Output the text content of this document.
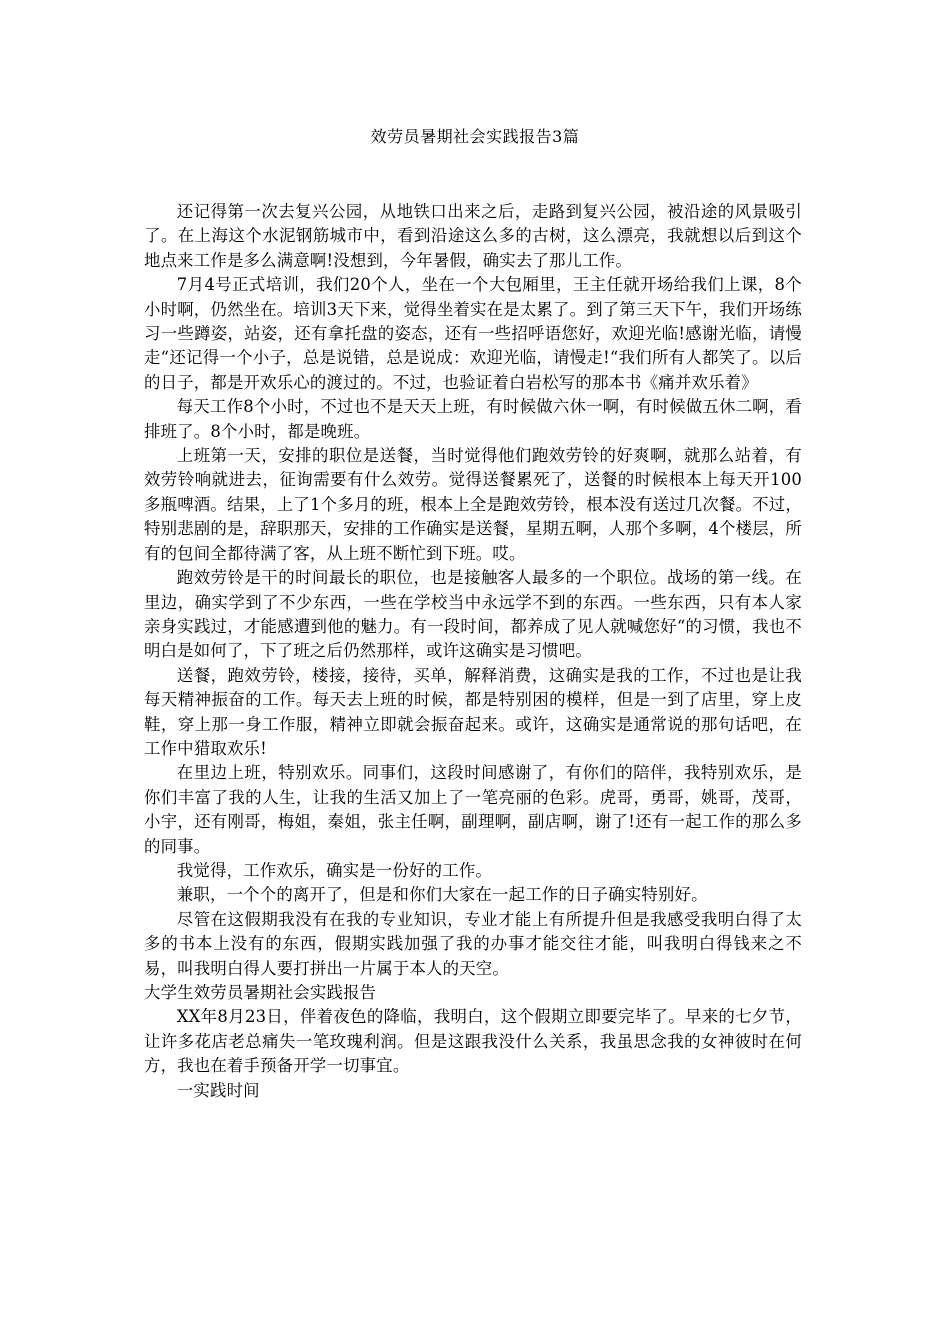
效劳员暑期社会实践报告3篇

还记得第一次去复兴公园，从地铁口出来之后，走路到复兴公园，被沿途的风景吸引了。在上海这个水泥钢筋城市中，看到沿途这么多的古树，这么漂亮，我就想以后到这个地点来工作是多么满意啊!没想到，今年暑假，确实去了那儿工作。

7月4号正式培训，我们20个人，坐在一个大包厢里，王主任就开场给我们上课，8个小时啊，仍然坐在。培训3天下来，觉得坐着实在是太累了。到了第三天下午，我们开场练习一些蹲姿，站姿，还有拿托盘的姿态，还有一些招呼语您好，欢迎光临!感谢光临，请慢走“还记得一个小子，总是说错，总是说成：欢迎光临，请慢走!“我们所有人都笑了。以后的日子，都是开欢乐心的渡过的。不过，也验证着白岩松写的那本书《痛并欢乐着》

每天工作8个小时，不过也不是天天上班，有时候做六休一啊，有时候做五休二啊，看排班了。8个小时，都是晚班。

上班第一天，安排的职位是送餐，当时觉得他们跑效劳铃的好爽啊，就那么站着，有效劳铃响就进去，征询需要有什么效劳。觉得送餐累死了，送餐的时候根本上每天开100多瓶啤酒。结果，上了1个多月的班，根本上全是跑效劳铃，根本没有送过几次餐。不过，特别悲剧的是，辞职那天，安排的工作确实是送餐，星期五啊，人那个多啊，4个楼层，所有的包间全都待满了客，从上班不断忙到下班。哎。

跑效劳铃是干的时间最长的职位，也是接触客人最多的一个职位。战场的第一线。在里边，确实学到了不少东西，一些在学校当中永远学不到的东西。一些东西，只有本人家亲身实践过，才能感遭到他的魅力。有一段时间，都养成了见人就喊您好“的习惯，我也不明白是如何了，下了班之后仍然那样，或许这确实是习惯吧。

送餐，跑效劳铃，楼接，接待，买单，解释消费，这确实是我的工作，不过也是让我每天精神振奋的工作。每天去上班的时候，都是特别困的模样，但是一到了店里，穿上皮鞋，穿上那一身工作服，精神立即就会振奋起来。或许，这确实是通常说的那句话吧，在工作中猎取欢乐!

在里边上班，特别欢乐。同事们，这段时间感谢了，有你们的陪伴，我特别欢乐，是你们丰富了我的人生，让我的生活又加上了一笔亮丽的色彩。虎哥，勇哥，姚哥，茂哥，小宇，还有刚哥，梅姐，秦姐，张主任啊，副理啊，副店啊，谢了!还有一起工作的那么多的同事。

我觉得，工作欢乐，确实是一份好的工作。

兼职，一个个的离开了，但是和你们大家在一起工作的日子确实特别好。

尽管在这假期我没有在我的专业知识，专业才能上有所提升但是我感受我明白得了太多的书本上没有的东西，假期实践加强了我的办事才能交往才能，叫我明白得钱来之不易，叫我明白得人要打拼出一片属于本人的天空。

大学生效劳员暑期社会实践报告

XX年8月23日，伴着夜色的降临，我明白，这个假期立即要完毕了。早来的七夕节，让许多花店老总痛失一笔玫瑰利润。但是这跟我没什么关系，我虽思念我的女神彼时在何方，我也在着手预备开学一切事宜。

一实践时间
